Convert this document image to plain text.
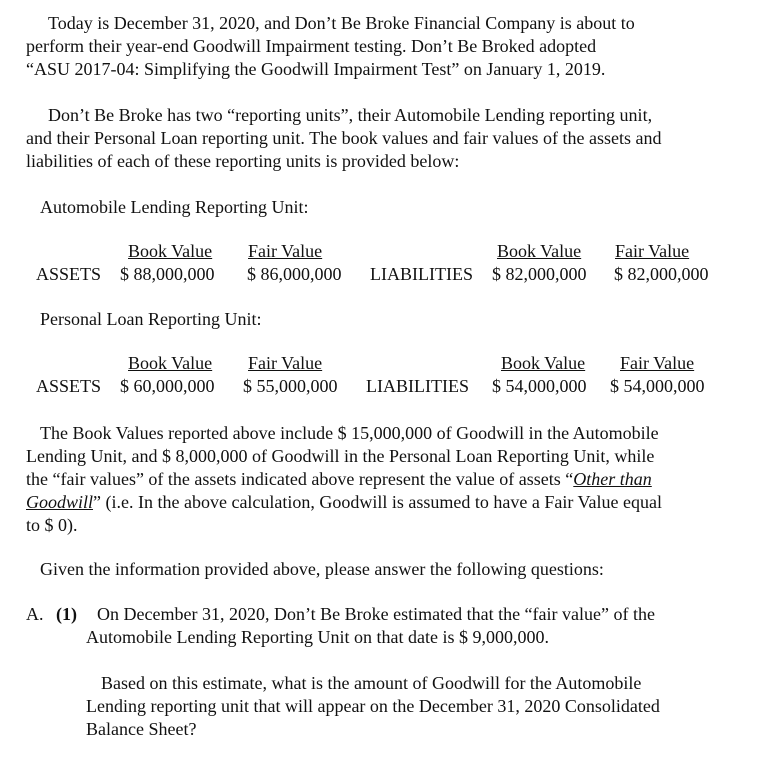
Today is December 31, 2020, and Don’t Be Broke Financial Company is about to
perform their year-end Goodwill Impairment testing. Don’t Be Broked adopted
“ASU 2017-04: Simplifying the Goodwill Impairment Test” on January 1, 2019.
Don’t Be Broke has two “reporting units”, their Automobile Lending reporting unit,
and their Personal Loan reporting unit. The book values and fair values of the assets and
liabilities of each of these reporting units is provided below:
Automobile Lending Reporting Unit:
Book Value Fair Value	Book Value Fair Value
ASSETS $ 88,000,000 $ 86,000,000 LIABILITIES $ 82,000,000 $ 82,000,000
Personal Loan Reporting Unit:
Book Value Fair Value	Book Value Fair Value
ASSETS $ 60,000,000 $ 55,000,000 LIABILITIES $ 54,000,000 $ 54,000,000
The Book Values reported above include $ 15,000,000 of Goodwill in the Automobile
Lending Unit, and $ 8,000,000 of Goodwill in the Personal Loan Reporting Unit, while
the “fair values” of the assets indicated above represent the value of assets “Other than
Goodwill” (i.e. In the above calculation, Goodwill is assumed to have a Fair Value equal
to $ 0).
Given the information provided above, please answer the following questions:
A. (1) On December 31, 2020, Don’t Be Broke estimated that the “fair value” of the
Automobile Lending Reporting Unit on that date is $ 9,000,000.
Based on this estimate, what is the amount of Goodwill for the Automobile
Lending reporting unit that will appear on the December 31, 2020 Consolidated
Balance Sheet?
